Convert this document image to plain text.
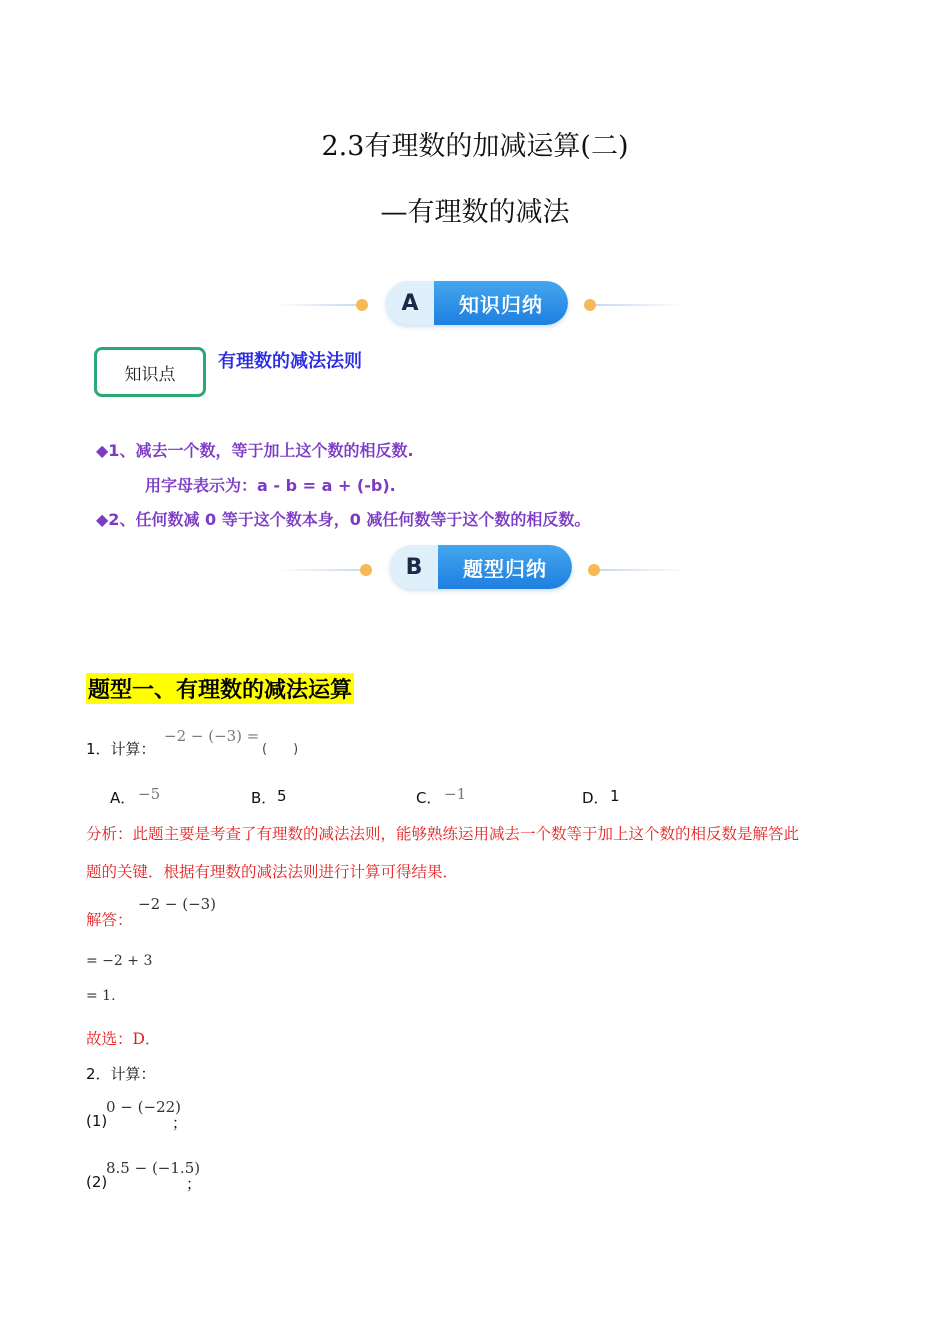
2.3有理数的加减运算(二)
—有理数的减法
A	知识归纳
知识点
有理数的减法法则
◆1、减去一个数，等于加上这个数的相反数.
用字母表示为：a - b = a + (-b).
◆2、任何数减 0 等于这个数本身，0 减任何数等于这个数的相反数。
B	题型归纳
题型一、有理数的减法运算
1．计算：
−2 − (−3) =
(　　)
A． −5	B． 5	C． −1	D． 1
分析：此题主要是考查了有理数的减法法则，能够熟练运用减去一个数等于加上这个数的相反数是解答此
题的关键．根据有理数的减法法则进行计算可得结果．
解答：
−2 − (−3)
= −2 + 3
= 1.
故选：D．
2．计算：
(1)
0 − (−22)
；
(2)
8.5 − (−1.5)
；
